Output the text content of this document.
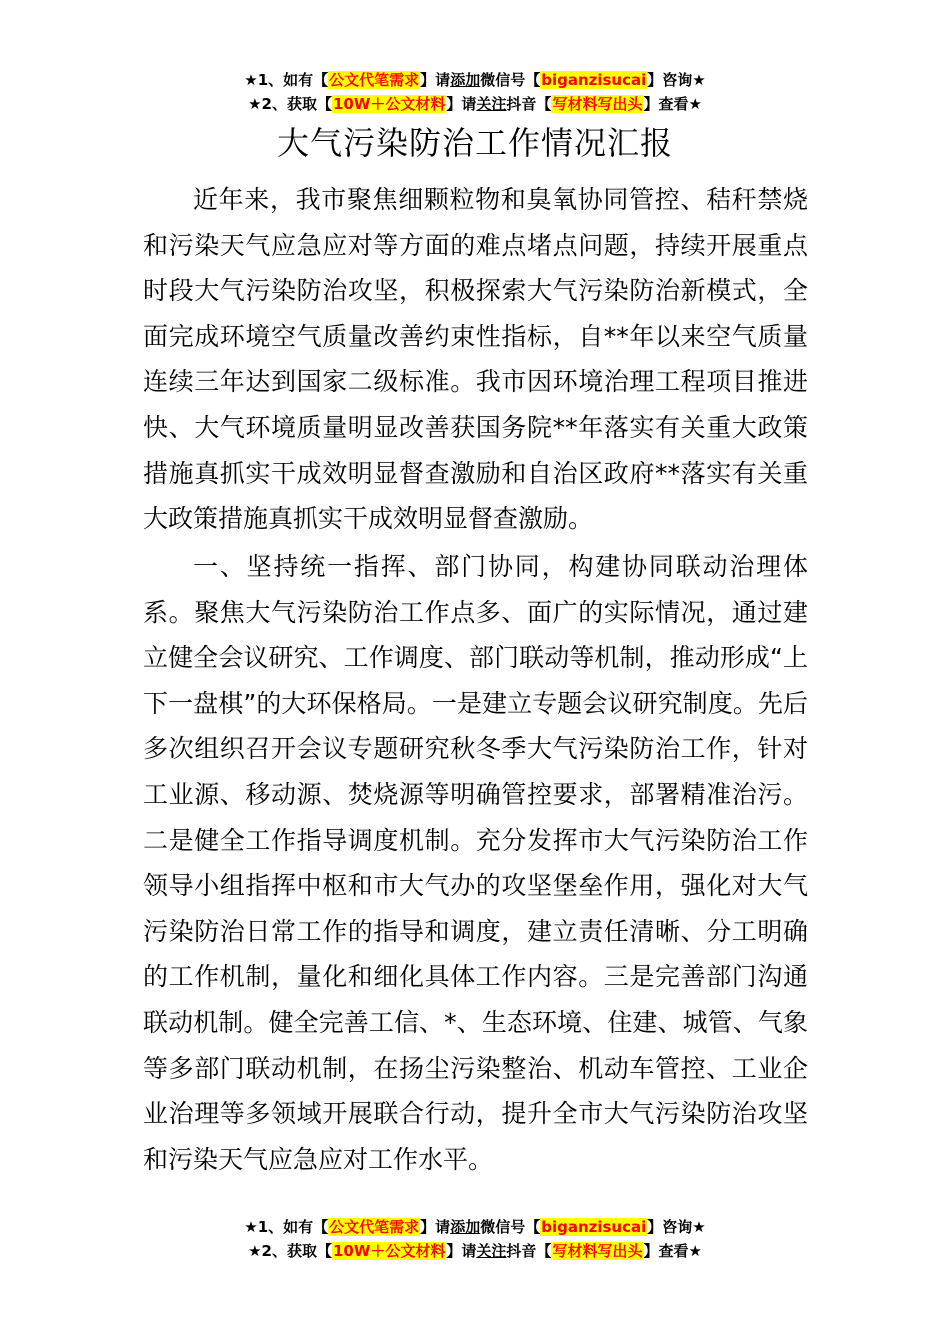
★1、如有【公文代笔需求】请添加微信号【biganzisucai】咨询★
★2、获取【10W＋公文材料】请关注抖音【写材料写出头】查看★
大气污染防治工作情况汇报

近年来，我市聚焦细颗粒物和臭氧协同管控、秸秆禁烧和污染天气应急应对等方面的难点堵点问题，持续开展重点时段大气污染防治攻坚，积极探索大气污染防治新模式，全面完成环境空气质量改善约束性指标，自**年以来空气质量连续三年达到国家二级标准。我市因环境治理工程项目推进快、大气环境质量明显改善获国务院**年落实有关重大政策措施真抓实干成效明显督查激励和自治区政府**落实有关重大政策措施真抓实干成效明显督查激励。

一、坚持统一指挥、部门协同，构建协同联动治理体系。聚焦大气污染防治工作点多、面广的实际情况，通过建立健全会议研究、工作调度、部门联动等机制，推动形成“上下一盘棋”的大环保格局。一是建立专题会议研究制度。先后多次组织召开会议专题研究秋冬季大气污染防治工作，针对工业源、移动源、焚烧源等明确管控要求，部署精准治污。二是健全工作指导调度机制。充分发挥市大气污染防治工作领导小组指挥中枢和市大气办的攻坚堡垒作用，强化对大气污染防治日常工作的指导和调度，建立责任清晰、分工明确的工作机制，量化和细化具体工作内容。三是完善部门沟通联动机制。健全完善工信、*、生态环境、住建、城管、气象等多部门联动机制，在扬尘污染整治、机动车管控、工业企业治理等多领域开展联合行动，提升全市大气污染防治攻坚和污染天气应急应对工作水平。

★1、如有【公文代笔需求】请添加微信号【biganzisucai】咨询★
★2、获取【10W＋公文材料】请关注抖音【写材料写出头】查看★
